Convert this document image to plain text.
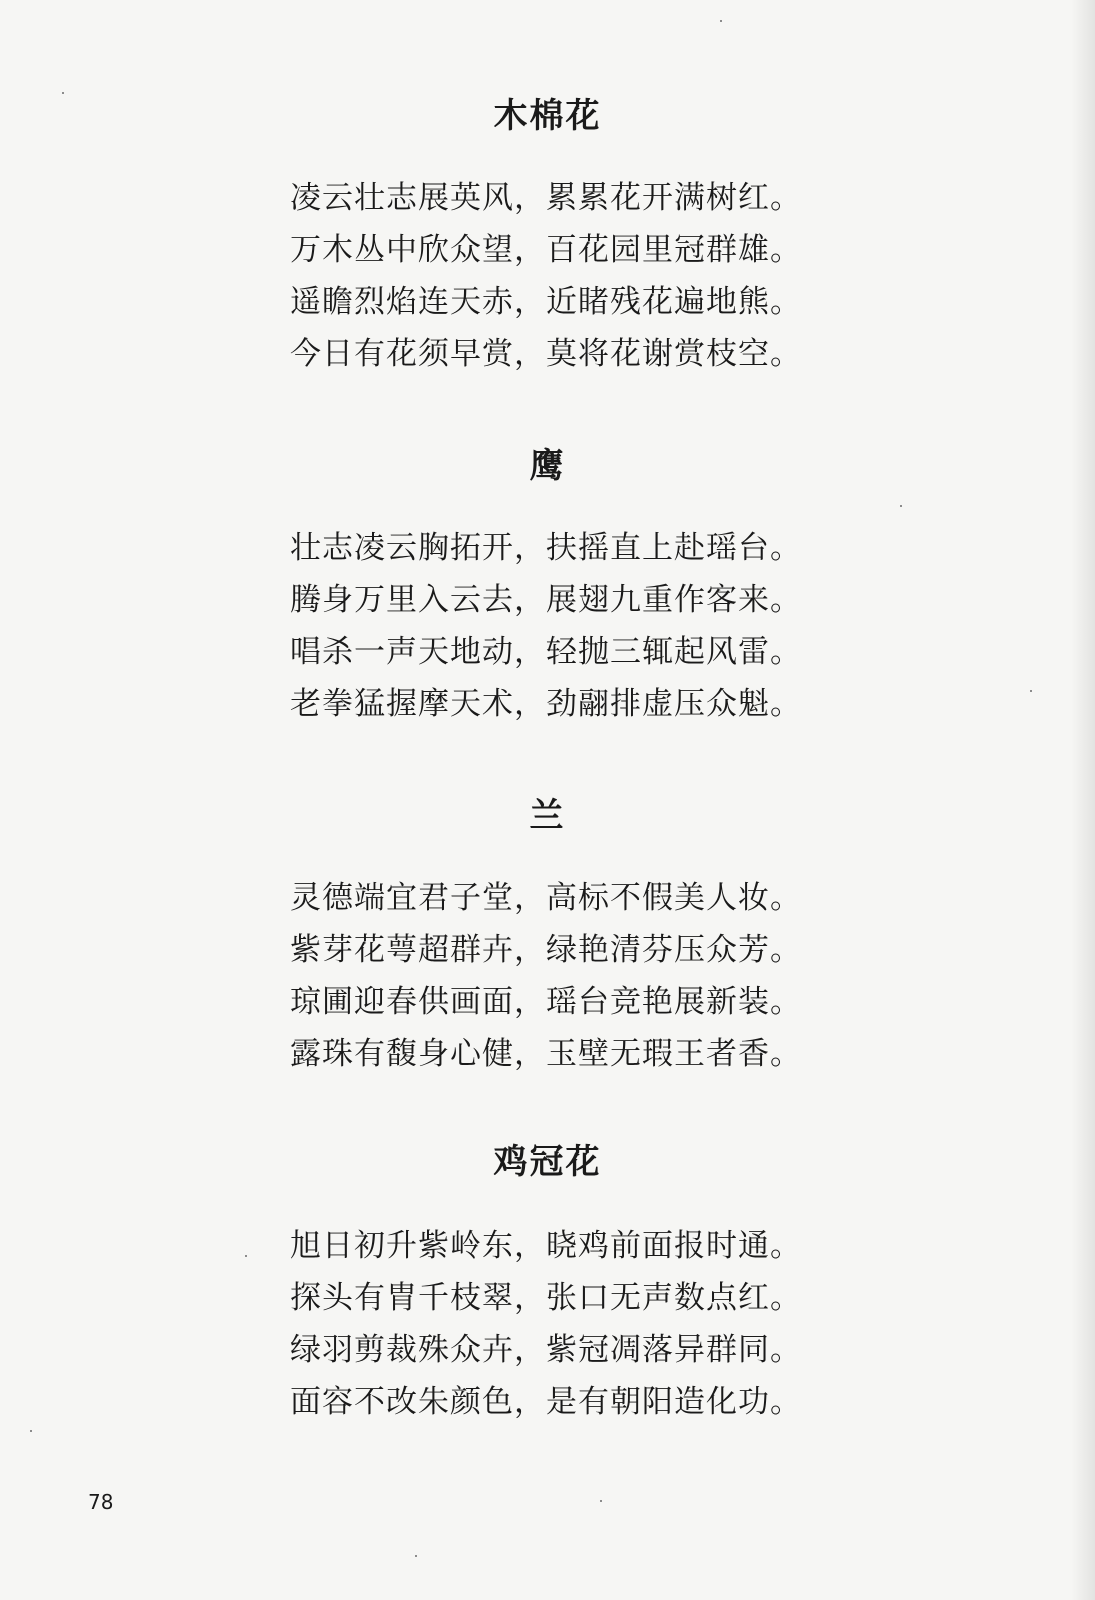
木棉花
凌云壮志展英风，累累花开满树红。
万木丛中欣众望，百花园里冠群雄。
遥瞻烈焰连天赤，近睹残花遍地熊。
今日有花须早赏，莫将花谢赏枝空。
鹰
壮志凌云胸拓开，扶摇直上赴瑶台。
腾身万里入云去，展翅九重作客来。
唱杀一声天地动，轻抛三辄起风雷。
老拳猛握摩天术，劲翮排虚压众魁。
兰
灵德端宜君子堂，高标不假美人妆。
紫芽花萼超群卉，绿艳清芬压众芳。
琼圃迎春供画面，瑶台竞艳展新装。
露珠有馥身心健，玉壁无瑕王者香。
鸡冠花
旭日初升紫岭东，晓鸡前面报时通。
探头有胄千枝翠，张口无声数点红。
绿羽剪裁殊众卉，紫冠凋落异群同。
面容不改朱颜色，是有朝阳造化功。
78
